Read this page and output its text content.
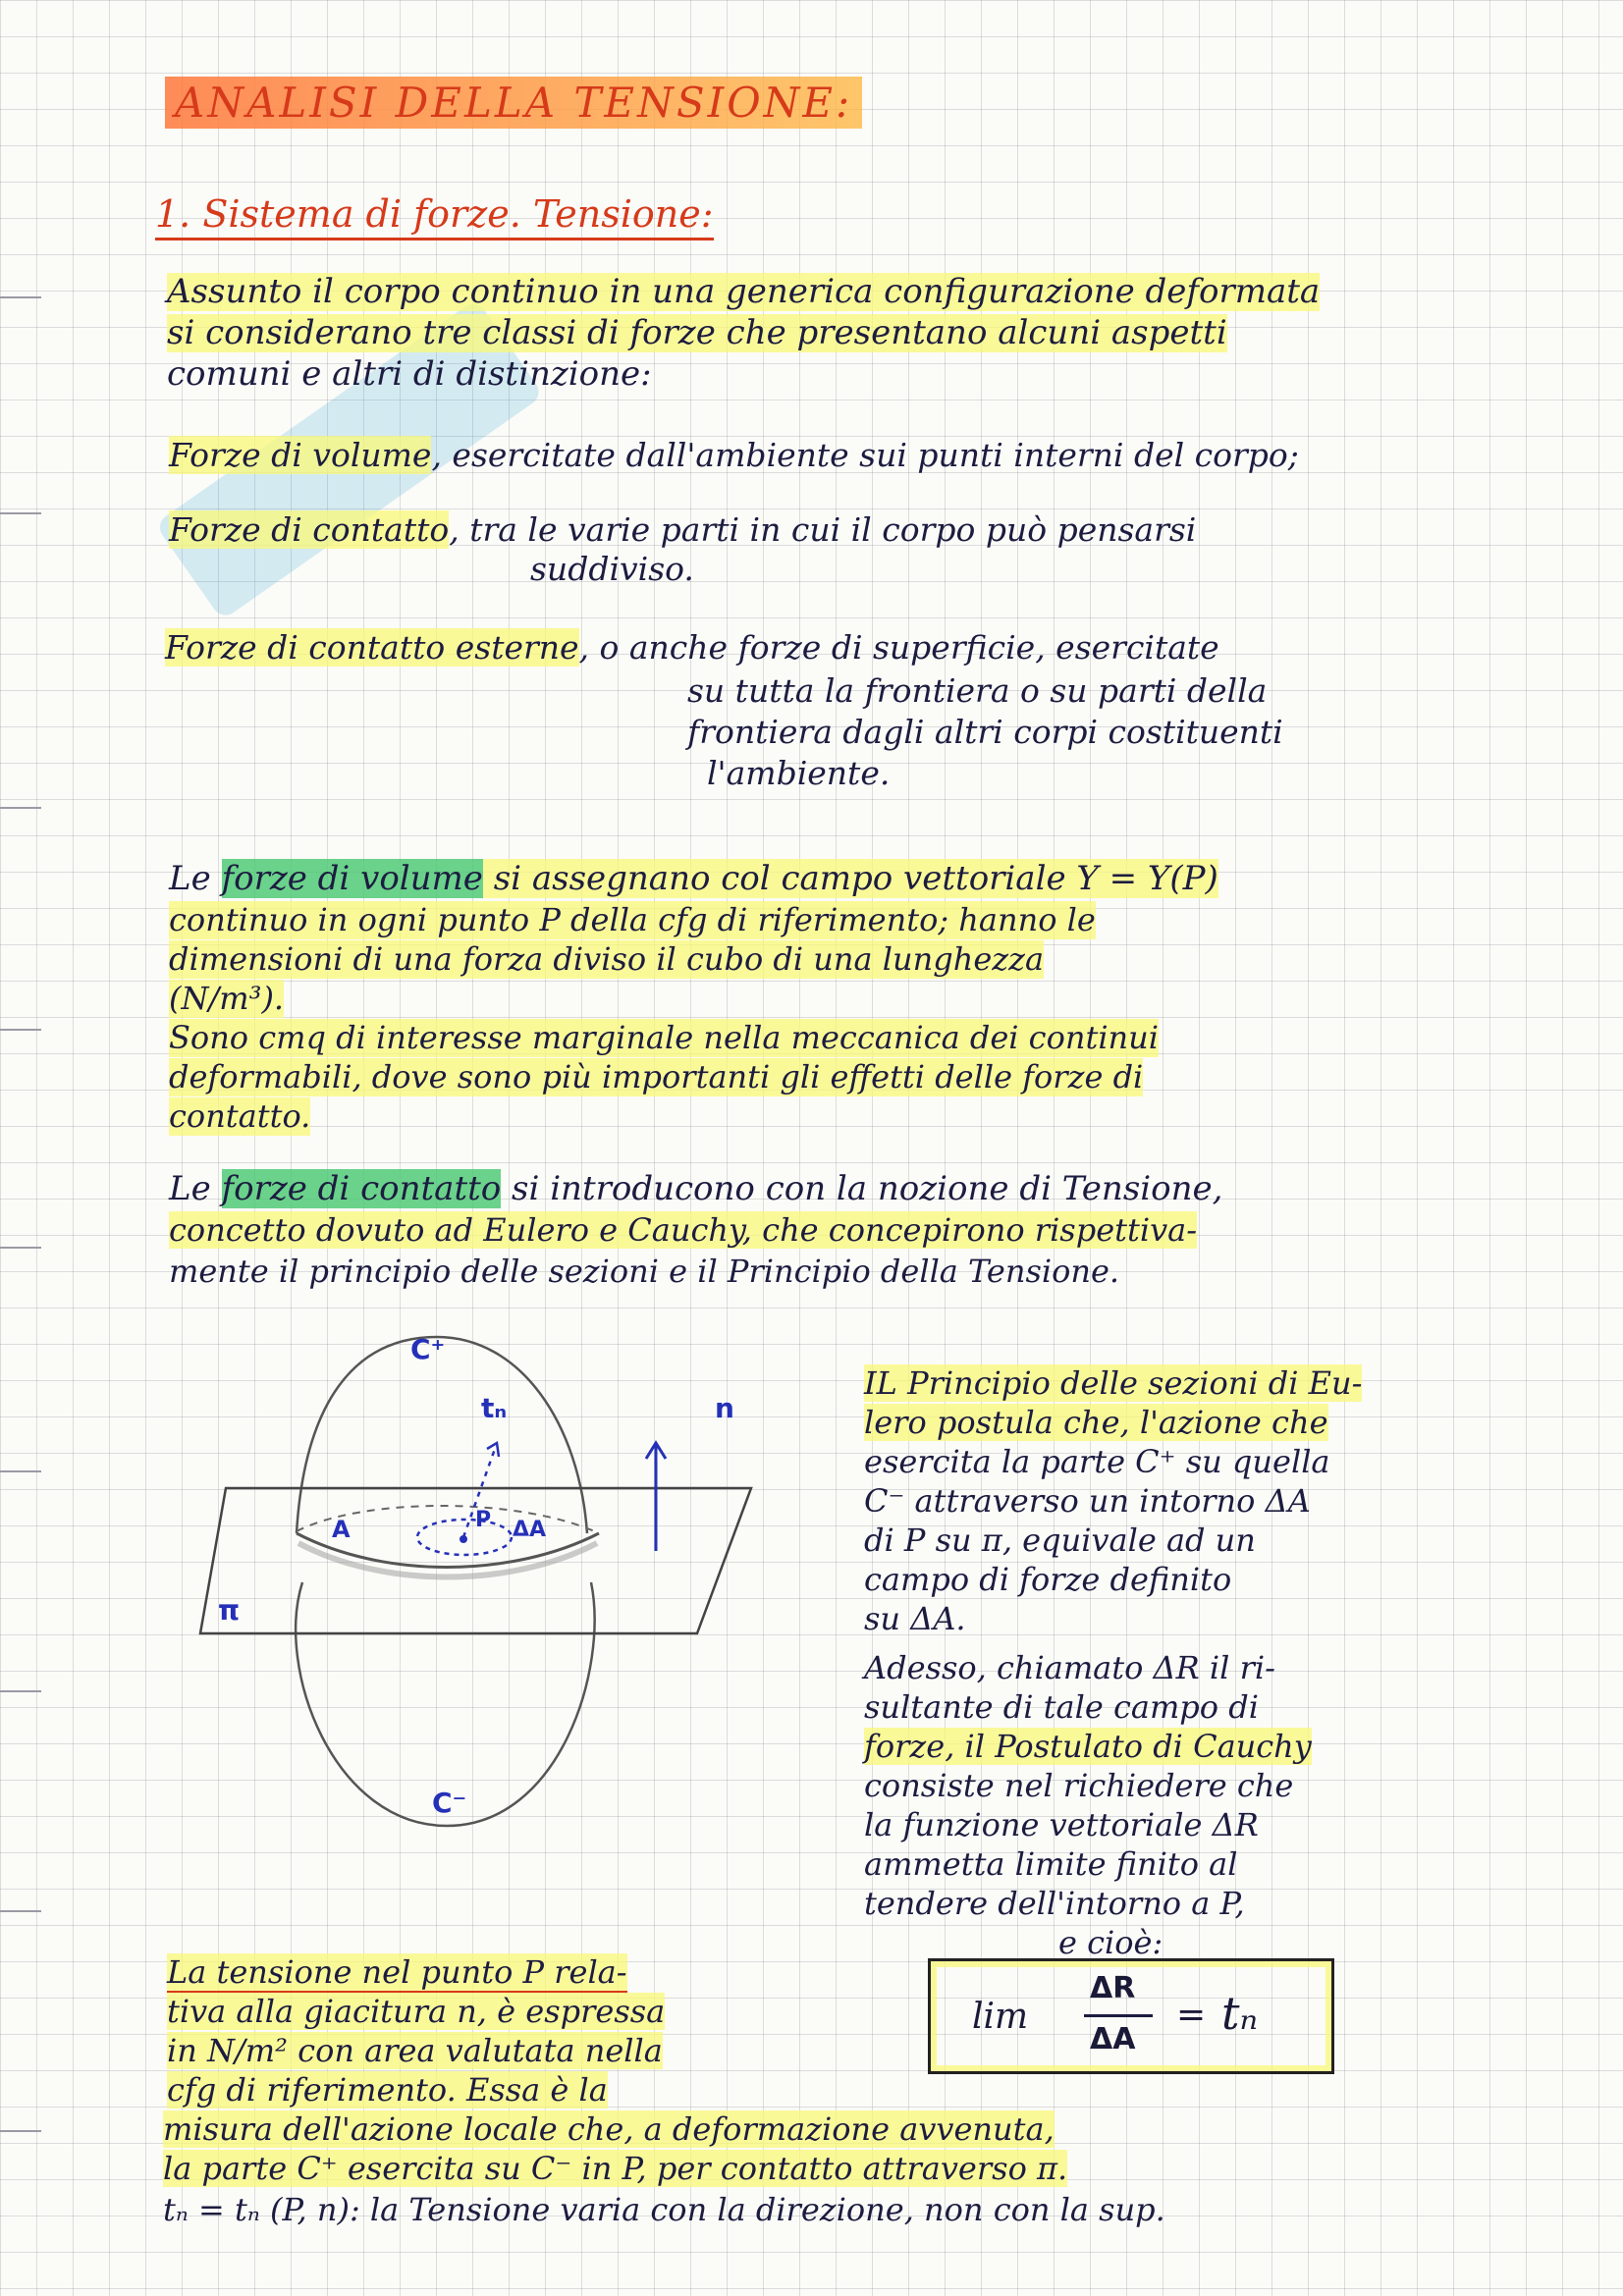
ANALISI DELLA TENSIONE:
1. Sistema di forze. Tensione:
Assunto il corpo continuo in una generica configurazione deformata
si considerano tre classi di forze che presentano alcuni aspetti
comuni e altri di distinzione:
Forze di volume, esercitate dall'ambiente sui punti interni del corpo;
Forze di contatto, tra le varie parti in cui il corpo può pensarsi
suddiviso.
Forze di contatto esterne, o anche forze di superficie, esercitate
su tutta la frontiera o su parti della
frontiera dagli altri corpi costituenti
l'ambiente.
Le forze di volume si assegnano col campo vettoriale Y = Y(P)
continuo in ogni punto P della cfg di riferimento; hanno le
dimensioni di una forza diviso il cubo di una lunghezza
(N/m³).
Sono cmq di interesse marginale nella meccanica dei continui
deformabili, dove sono più importanti gli effetti delle forze di
contatto.
Le forze di contatto si introducono con la nozione di Tensione,
concetto dovuto ad Eulero e Cauchy, che concepirono rispettiva-
mente il principio delle sezioni e il Principio della Tensione.
C⁺
tₙ	n
A	P ΔA
π
C⁻
IL Principio delle sezioni di Eu-
lero postula che, l'azione che
esercita la parte C⁺ su quella
C⁻ attraverso un intorno ΔA
di P su π, equivale ad un
campo di forze definito
su ΔA.
Adesso, chiamato ΔR il ri-
sultante di tale campo di
forze, il Postulato di Cauchy
consiste nel richiedere che
la funzione vettoriale ΔR
ammetta limite finito al
tendere dell'intorno a P,
e cioè:
lim
ΔR
ΔA
= tₙ
La tensione nel punto P rela-
tiva alla giacitura n, è espressa
in N/m² con area valutata nella
cfg di riferimento. Essa è la
misura dell'azione locale che, a deformazione avvenuta,
la parte C⁺ esercita su C⁻ in P, per contatto attraverso π.
tₙ = tₙ (P, n): la Tensione varia con la direzione, non con la sup.
